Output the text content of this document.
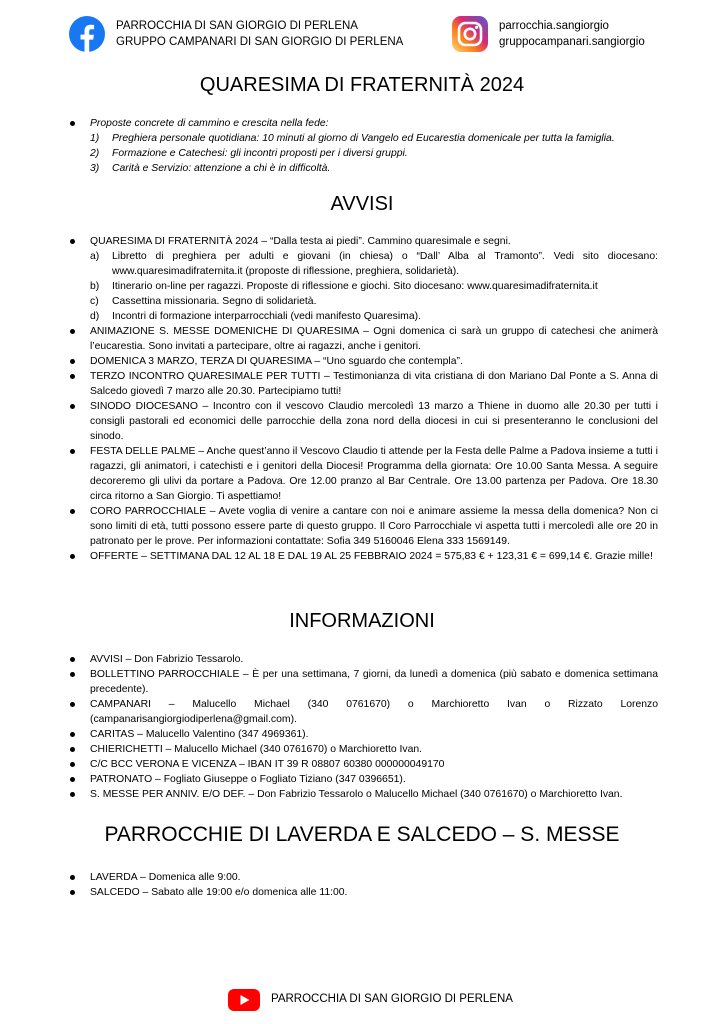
PARROCCHIA DI SAN GIORGIO DI PERLENA
GRUPPO CAMPANARI DI SAN GIORGIO DI PERLENA
parrocchia.sangiorgio
gruppocampanari.sangiorgio
QUARESIMA DI FRATERNITÀ 2024
Proposte concrete di cammino e crescita nella fede:
1) Preghiera personale quotidiana: 10 minuti al giorno di Vangelo ed Eucarestia domenicale per tutta la famiglia.
2) Formazione e Catechesi: gli incontri proposti per i diversi gruppi.
3) Carità e Servizio: attenzione a chi è in difficoltà.
AVVISI
QUARESIMA DI FRATERNITÀ 2024 – “Dalla testa ai piedi”. Cammino quaresimale e segni.
a) Libretto di preghiera per adulti e giovani (in chiesa) o “Dall’ Alba al Tramonto”. Vedi sito diocesano: www.quaresimadifraternita.it (proposte di riflessione, preghiera, solidarietà).
b) Itinerario on-line per ragazzi. Proposte di riflessione e giochi. Sito diocesano: www.quaresimadifraternita.it
c) Cassettina missionaria. Segno di solidarietà.
d) Incontri di formazione interparrocchiali (vedi manifesto Quaresima).
ANIMAZIONE S. MESSE DOMENICHE DI QUARESIMA – Ogni domenica ci sarà un gruppo di catechesi che animerà l’eucarestia. Sono invitati a partecipare, oltre ai ragazzi, anche i genitori.
DOMENICA 3 MARZO, TERZA DI QUARESIMA – “Uno sguardo che contempla”.
TERZO INCONTRO QUARESIMALE PER TUTTI – Testimonianza di vita cristiana di don Mariano Dal Ponte a S. Anna di Salcedo giovedì 7 marzo alle 20.30. Partecipiamo tutti!
SINODO DIOCESANO – Incontro con il vescovo Claudio mercoledì 13 marzo a Thiene in duomo alle 20.30 per tutti i consigli pastorali ed economici delle parrocchie della zona nord della diocesi in cui si presenteranno le conclusioni del sinodo.
FESTA DELLE PALME – Anche quest’anno il Vescovo Claudio ti attende per la Festa delle Palme a Padova insieme a tutti i ragazzi, gli animatori, i catechisti e i genitori della Diocesi! Programma della giornata: Ore 10.00 Santa Messa. A seguire decoreremo gli ulivi da portare a Padova. Ore 12.00 pranzo al Bar Centrale. Ore 13.00 partenza per Padova. Ore 18.30 circa ritorno a San Giorgio. Ti aspettiamo!
CORO PARROCCHIALE – Avete voglia di venire a cantare con noi e animare assieme la messa della domenica? Non ci sono limiti di età, tutti possono essere parte di questo gruppo. Il Coro Parrocchiale vi aspetta tutti i mercoledì alle ore 20 in patronato per le prove. Per informazioni contattate: Sofia 349 5160046 Elena 333 1569149.
OFFERTE – SETTIMANA DAL 12 AL 18 E DAL 19 AL 25 FEBBRAIO 2024 = 575,83 € + 123,31 € = 699,14 €. Grazie mille!
INFORMAZIONI
AVVISI – Don Fabrizio Tessarolo.
BOLLETTINO PARROCCHIALE – È per una settimana, 7 giorni, da lunedì a domenica (più sabato e domenica settimana precedente).
CAMPANARI – Malucello Michael (340 0761670) o Marchioretto Ivan o Rizzato Lorenzo (campanarisangiorgiodiperlena@gmail.com).
CARITAS – Malucello Valentino (347 4969361).
CHIERICHETTI – Malucello Michael (340 0761670) o Marchioretto Ivan.
C/C BCC VERONA E VICENZA – IBAN IT 39 R 08807 60380 000000049170
PATRONATO – Fogliato Giuseppe o Fogliato Tiziano (347 0396651).
S. MESSE PER ANNIV. E/O DEF. – Don Fabrizio Tessarolo o Malucello Michael (340 0761670) o Marchioretto Ivan.
PARROCCHIE DI LAVERDA E SALCEDO – S. MESSE
LAVERDA – Domenica alle 9:00.
SALCEDO – Sabato alle 19:00 e/o domenica alle 11:00.
PARROCCHIA DI SAN GIORGIO DI PERLENA
